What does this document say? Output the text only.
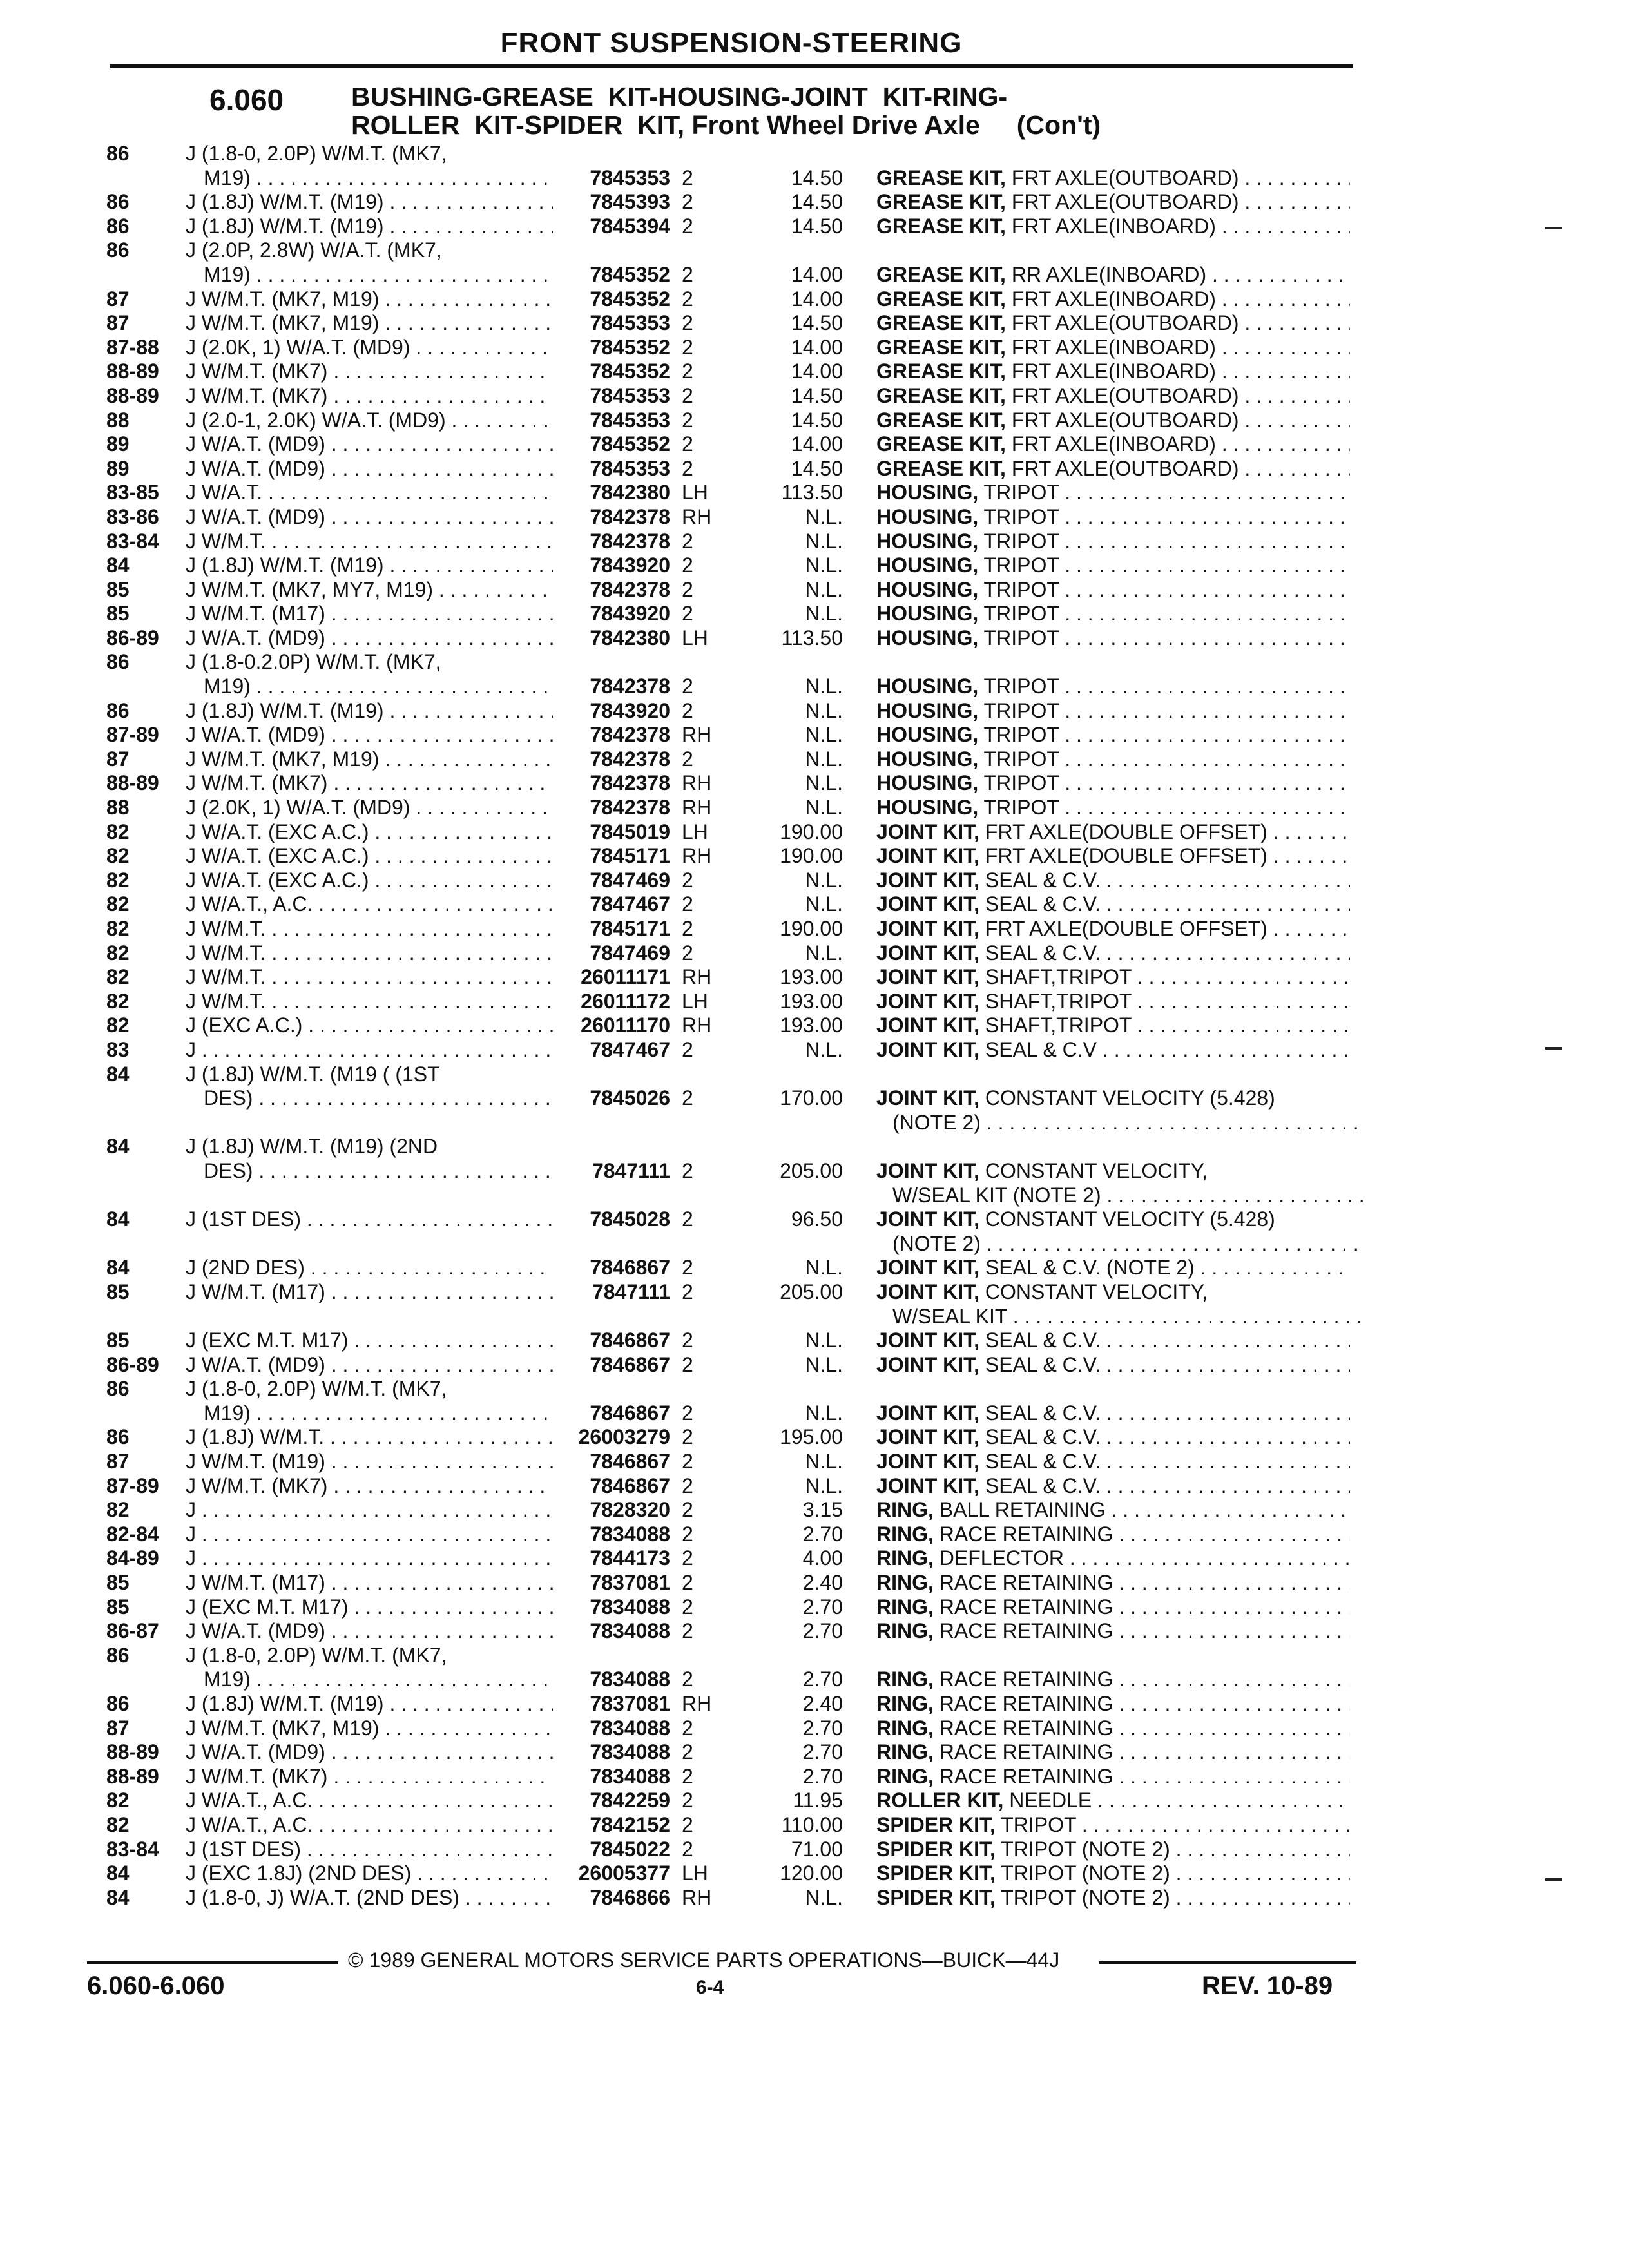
FRONT SUSPENSION-STEERING
6.060	BUSHING-GREASE  KIT-HOUSING-JOINT  KIT-RING-
ROLLER  KIT-SPIDER  KIT, Front Wheel Drive Axle     (Con't)
86	J (1.8-0, 2.0P) W/M.T. (MK7,
M19) . . .	7845353 2	14.50 GREASE KIT, FRT AXLE(OUTBOARD) . . .
86	J (1.8J) W/M.T. (M19) . . .	7845393 2	14.50 GREASE KIT, FRT AXLE(OUTBOARD) . . .
86	J (1.8J) W/M.T. (M19) . . .	7845394 2	14.50 GREASE KIT, FRT AXLE(INBOARD) . . .
86	J (2.0P, 2.8W) W/A.T. (MK7,
M19) . . .	7845352 2	14.00 GREASE KIT, RR AXLE(INBOARD) . . .
87	J W/M.T. (MK7, M19) . . .	7845352 2	14.00 GREASE KIT, FRT AXLE(INBOARD) . . .
87	J W/M.T. (MK7, M19) . . .	7845353 2	14.50 GREASE KIT, FRT AXLE(OUTBOARD) . . .
87-88	J (2.0K, 1) W/A.T. (MD9) . . .	7845352 2	14.00 GREASE KIT, FRT AXLE(INBOARD) . . .
88-89	J W/M.T. (MK7) . . .	7845352 2	14.00 GREASE KIT, FRT AXLE(INBOARD) . . .
88-89	J W/M.T. (MK7) . . .	7845353 2	14.50 GREASE KIT, FRT AXLE(OUTBOARD) . . .
88	J (2.0-1, 2.0K) W/A.T. (MD9) . . .	7845353 2	14.50 GREASE KIT, FRT AXLE(OUTBOARD) . . .
89	J W/A.T. (MD9) . . .	7845352 2	14.00 GREASE KIT, FRT AXLE(INBOARD) . . .
89	J W/A.T. (MD9) . . .	7845353 2	14.50 GREASE KIT, FRT AXLE(OUTBOARD) . . .
83-85	J W/A.T. . . .	7842380 LH	113.50 HOUSING, TRIPOT . . .
83-86	J W/A.T. (MD9) . . .	7842378 RH	N.L. HOUSING, TRIPOT . . .
83-84	J W/M.T. . . .	7842378 2	N.L. HOUSING, TRIPOT . . .
84	J (1.8J) W/M.T. (M19) . . .	7843920 2	N.L. HOUSING, TRIPOT . . .
85	J W/M.T. (MK7, MY7, M19) . . .	7842378 2	N.L. HOUSING, TRIPOT . . .
85	J W/M.T. (M17) . . .	7843920 2	N.L. HOUSING, TRIPOT . . .
86-89	J W/A.T. (MD9) . . .	7842380 LH	113.50 HOUSING, TRIPOT . . .
86	J (1.8-0.2.0P) W/M.T. (MK7,
M19) . . .	7842378 2	N.L. HOUSING, TRIPOT . . .
86	J (1.8J) W/M.T. (M19) . . .	7843920 2	N.L. HOUSING, TRIPOT . . .
87-89	J W/A.T. (MD9) . . .	7842378 RH	N.L. HOUSING, TRIPOT . . .
87	J W/M.T. (MK7, M19) . . .	7842378 2	N.L. HOUSING, TRIPOT . . .
88-89	J W/M.T. (MK7) . . .	7842378 RH	N.L. HOUSING, TRIPOT . . .
88	J (2.0K, 1) W/A.T. (MD9) . . .	7842378 RH	N.L. HOUSING, TRIPOT . . .
82	J W/A.T. (EXC A.C.) . . .	7845019 LH	190.00 JOINT KIT, FRT AXLE(DOUBLE OFFSET) . . .
82	J W/A.T. (EXC A.C.) . . .	7845171 RH	190.00 JOINT KIT, FRT AXLE(DOUBLE OFFSET) . . .
82	J W/A.T. (EXC A.C.) . . .	7847469 2	N.L. JOINT KIT, SEAL & C.V. . . .
82	J W/A.T., A.C. . . .	7847467 2	N.L. JOINT KIT, SEAL & C.V. . . .
82	J W/M.T. . . .	7845171 2	190.00 JOINT KIT, FRT AXLE(DOUBLE OFFSET) . . .
82	J W/M.T. . . .	7847469 2	N.L. JOINT KIT, SEAL & C.V. . . .
82	J W/M.T. . . .	26011171 RH	193.00 JOINT KIT, SHAFT,TRIPOT . . .
82	J W/M.T. . . .	26011172 LH	193.00 JOINT KIT, SHAFT,TRIPOT . . .
82	J (EXC A.C.) . . .	26011170 RH	193.00 JOINT KIT, SHAFT,TRIPOT . . .
83	J . . .	7847467 2	N.L. JOINT KIT, SEAL & C.V . . .
84	J (1.8J) W/M.T. (M19 ( (1ST
DES) . . .	7845026 2	170.00 JOINT KIT, CONSTANT VELOCITY (5.428)
(NOTE 2) . . .
84	J (1.8J) W/M.T. (M19) (2ND
DES) . . .	7847111 2	205.00 JOINT KIT, CONSTANT VELOCITY,
W/SEAL KIT (NOTE 2) . . .
84	J (1ST DES) . . .	7845028 2	96.50 JOINT KIT, CONSTANT VELOCITY (5.428)
(NOTE 2) . . .
84	J (2ND DES) . . .	7846867 2	N.L. JOINT KIT, SEAL & C.V. (NOTE 2) . . .
85	J W/M.T. (M17) . . .	7847111 2	205.00 JOINT KIT, CONSTANT VELOCITY,
W/SEAL KIT . . .
85	J (EXC M.T. M17) . . .	7846867 2	N.L. JOINT KIT, SEAL & C.V. . . .
86-89	J W/A.T. (MD9) . . .	7846867 2	N.L. JOINT KIT, SEAL & C.V. . . .
86	J (1.8-0, 2.0P) W/M.T. (MK7,
M19) . . .	7846867 2	N.L. JOINT KIT, SEAL & C.V. . . .
86	J (1.8J) W/M.T. . . .	26003279 2	195.00 JOINT KIT, SEAL & C.V. . . .
87	J W/M.T. (M19) . . .	7846867 2	N.L. JOINT KIT, SEAL & C.V. . . .
87-89	J W/M.T. (MK7) . . .	7846867 2	N.L. JOINT KIT, SEAL & C.V. . . .
82	J . . .	7828320 2	3.15 RING, BALL RETAINING . . .
82-84	J . . .	7834088 2	2.70 RING, RACE RETAINING . . .
84-89	J . . .	7844173 2	4.00 RING, DEFLECTOR . . .
85	J W/M.T. (M17) . . .	7837081 2	2.40 RING, RACE RETAINING . . .
85	J (EXC M.T. M17) . . .	7834088 2	2.70 RING, RACE RETAINING . . .
86-87	J W/A.T. (MD9) . . .	7834088 2	2.70 RING, RACE RETAINING . . .
86	J (1.8-0, 2.0P) W/M.T. (MK7,
M19) . . .	7834088 2	2.70 RING, RACE RETAINING . . .
86	J (1.8J) W/M.T. (M19) . . .	7837081 RH	2.40 RING, RACE RETAINING . . .
87	J W/M.T. (MK7, M19) . . .	7834088 2	2.70 RING, RACE RETAINING . . .
88-89	J W/A.T. (MD9) . . .	7834088 2	2.70 RING, RACE RETAINING . . .
88-89	J W/M.T. (MK7) . . .	7834088 2	2.70 RING, RACE RETAINING . . .
82	J W/A.T., A.C. . . .	7842259 2	11.95 ROLLER KIT, NEEDLE . . .
82	J W/A.T., A.C. . . .	7842152 2	110.00 SPIDER KIT, TRIPOT . . .
83-84	J (1ST DES) . . .	7845022 2	71.00 SPIDER KIT, TRIPOT (NOTE 2) . . .
84	J (EXC 1.8J) (2ND DES) . . .	26005377 LH	120.00 SPIDER KIT, TRIPOT (NOTE 2) . . .
84	J (1.8-0, J) W/A.T. (2ND DES) . . .	7846866 RH	N.L. SPIDER KIT, TRIPOT (NOTE 2) . . .
© 1989 GENERAL MOTORS SERVICE PARTS OPERATIONS—BUICK—44J
6.060-6.060	6-4	REV. 10-89
